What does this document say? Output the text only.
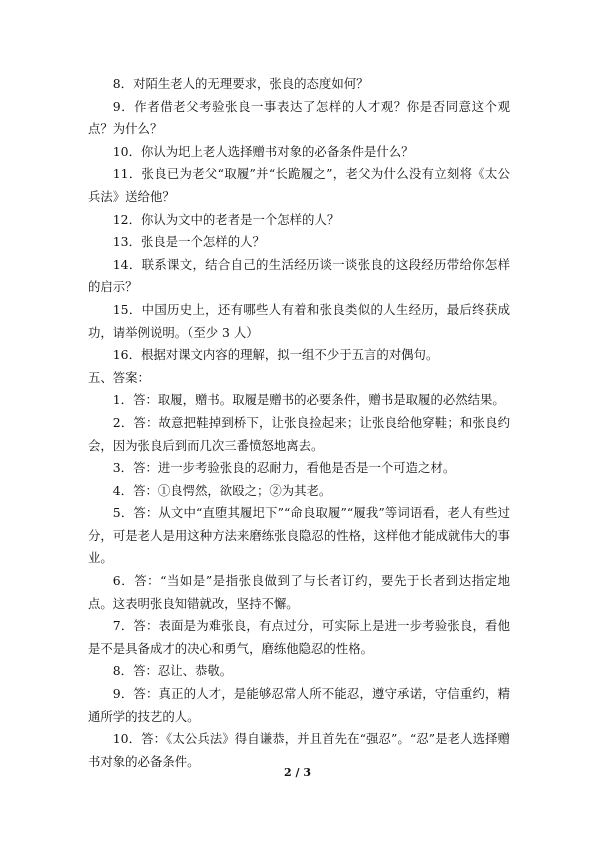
8．对陌生老人的无理要求，张良的态度如何？

9．作者借老父考验张良一事表达了怎样的人才观？你是否同意这个观点？为什么？

10．你认为圯上老人选择赠书对象的必备条件是什么？

11．张良已为老父“取履”并“长跪履之”，老父为什么没有立刻将《太公兵法》送给他？

12．你认为文中的老者是一个怎样的人？

13．张良是一个怎样的人？

14．联系课文，结合自己的生活经历谈一谈张良的这段经历带给你怎样的启示？

15．中国历史上，还有哪些人有着和张良类似的人生经历，最后终获成功，请举例说明。（至少 3 人）

16．根据对课文内容的理解，拟一组不少于五言的对偶句。

五、答案：

1．答：取履，赠书。取履是赠书的必要条件，赠书是取履的必然结果。

2．答：故意把鞋掉到桥下，让张良捡起来；让张良给他穿鞋；和张良约会，因为张良后到而几次三番愤怒地离去。

3．答：进一步考验张良的忍耐力，看他是否是一个可造之材。

4．答：①良愕然，欲殴之；②为其老。

5．答：从文中“直堕其履圯下”“命良取履”“履我”等词语看，老人有些过分，可是老人是用这种方法来磨练张良隐忍的性格，这样他才能成就伟大的事业。

6．答：“当如是”是指张良做到了与长者订约，要先于长者到达指定地点。这表明张良知错就改，坚持不懈。

7．答：表面是为难张良，有点过分，可实际上是进一步考验张良，看他是不是具备成才的决心和勇气，磨练他隐忍的性格。

8．答：忍让、恭敬。

9．答：真正的人才，是能够忍常人所不能忍，遵守承诺，守信重约，精通所学的技艺的人。

10．答：《太公兵法》得自谦恭，并且首先在“强忍”。“忍”是老人选择赠书对象的必备条件。

2 / 3
